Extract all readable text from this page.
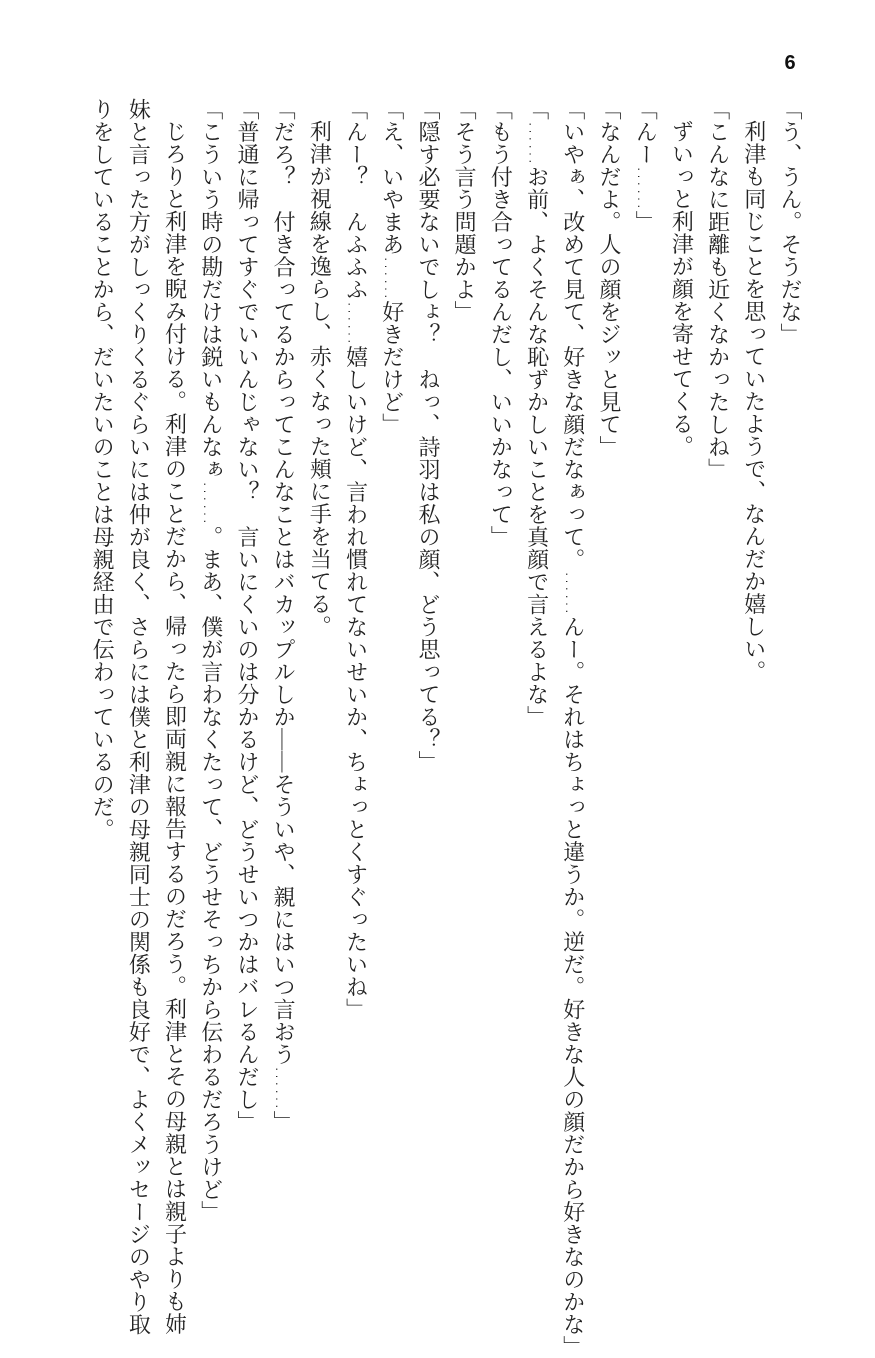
6
「う、うん。そうだな」
利津も同じことを思っていたようで、なんだか嬉しい。
「こんなに距離も近くなかったしね」
ずいっと利津が顔を寄せてくる。
「んー……」
「なんだよ。人の顔をジッと見て」
「いやぁ、改めて見て、好きな顔だなぁって。……んー。それはちょっと違うか。逆だ。好きな人の顔だから好きなのかな」
「……お前、よくそんな恥ずかしいことを真顔で言えるよな」
「もう付き合ってるんだし、いいかなって」
「そう言う問題かよ」
「隠す必要ないでしょ？　ねっ、詩羽は私の顔、どう思ってる？」
「え、いやまあ……好きだけど」
「んー？　んふふふ……嬉しいけど、言われ慣れてないせいか、ちょっとくすぐったいね」
利津が視線を逸らし、赤くなった頬に手を当てる。
「だろ？　付き合ってるからってこんなことはバカップルしか――そういや、親にはいつ言おう……」
「普通に帰ってすぐでいいんじゃない？　言いにくいのは分かるけど、どうせいつかはバレるんだし」
「こういう時の勘だけは鋭いもんなぁ……。まあ、僕が言わなくたって、どうせそっちから伝わるだろうけど」
じろりと利津を睨み付ける。利津のことだから、帰ったら即両親に報告するのだろう。利津とその母親とは親子よりも姉
妹と言った方がしっくりくるぐらいには仲が良く、さらには僕と利津の母親同士の関係も良好で、よくメッセージのやり取
りをしていることから、だいたいのことは母親経由で伝わっているのだ。
